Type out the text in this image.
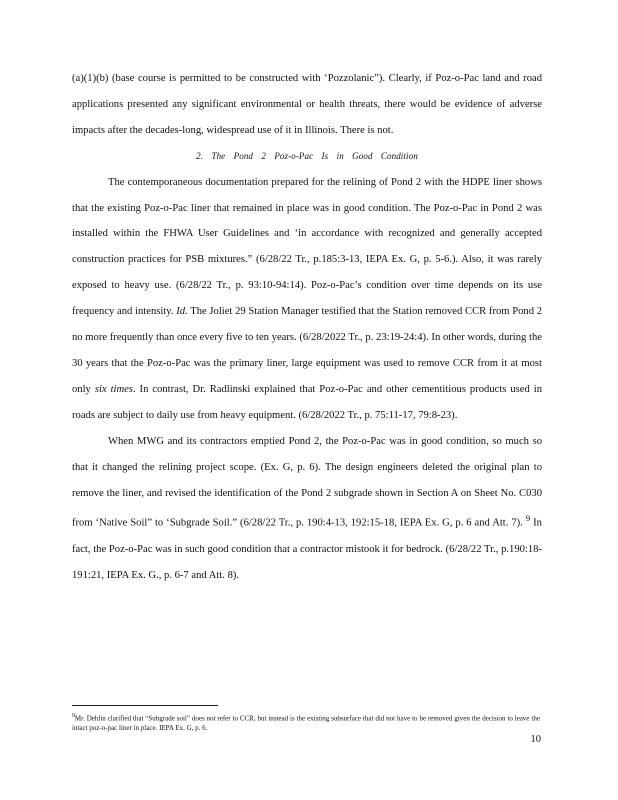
(a)(1)(b) (base course is permitted to be constructed with ‘Pozzolanic”). Clearly, if Poz-o-Pac land and road applications presented any significant environmental or health threats, there would be evidence of adverse impacts after the decades-long, widespread use of it in Illinois. There is not.

2. The Pond 2 Poz-o-Pac Is in Good Condition

The contemporaneous documentation prepared for the relining of Pond 2 with the HDPE liner shows that the existing Poz-o-Pac liner that remained in place was in good condition. The Poz-o-Pac in Pond 2 was installed within the FHWA User Guidelines and ‘in accordance with recognized and generally accepted construction practices for PSB mixtures.” (6/28/22 Tr., p.185:3-13, IEPA Ex. G, p. 5-6.). Also, it was rarely exposed to heavy use. (6/28/22 Tr., p. 93:10-94:14). Poz-o-Pac’s condition over time depends on its use frequency and intensity. Id. The Joliet 29 Station Manager testified that the Station removed CCR from Pond 2 no more frequently than once every five to ten years. (6/28/2022 Tr., p. 23:19-24:4). In other words, during the 30 years that the Poz-o-Pac was the primary liner, large equipment was used to remove CCR from it at most only six times. In contrast, Dr. Radlinski explained that Poz-o-Pac and other cementitious products used in roads are subject to daily use from heavy equipment. (6/28/2022 Tr., p. 75:11-17, 79:8-23).

When MWG and its contractors emptied Pond 2, the Poz-o-Pac was in good condition, so much so that it changed the relining project scope. (Ex. G, p. 6). The design engineers deleted the original plan to remove the liner, and revised the identification of the Pond 2 subgrade shown in Section A on Sheet No. C030 from ‘Native Soil” to ‘Subgrade Soil.” (6/28/22 Tr., p. 190:4-13, 192:15-18, IEPA Ex. G, p. 6 and Att. 7). $^9$ In fact, the Poz-o-Pac was in such good condition that a contractor mistook it for bedrock. (6/28/22 Tr., p.190:18-191:21, IEPA Ex. G., p. 6-7 and Att. 8).

$^9$Mr. Dehlin clarified that “Subgrade soil” does not refer to CCR, but instead is the existing subsurface that did not have to be removed given the decision to leave the intact poz-o-pac liner in place. IEPA Ex. G, p. 6.
10
